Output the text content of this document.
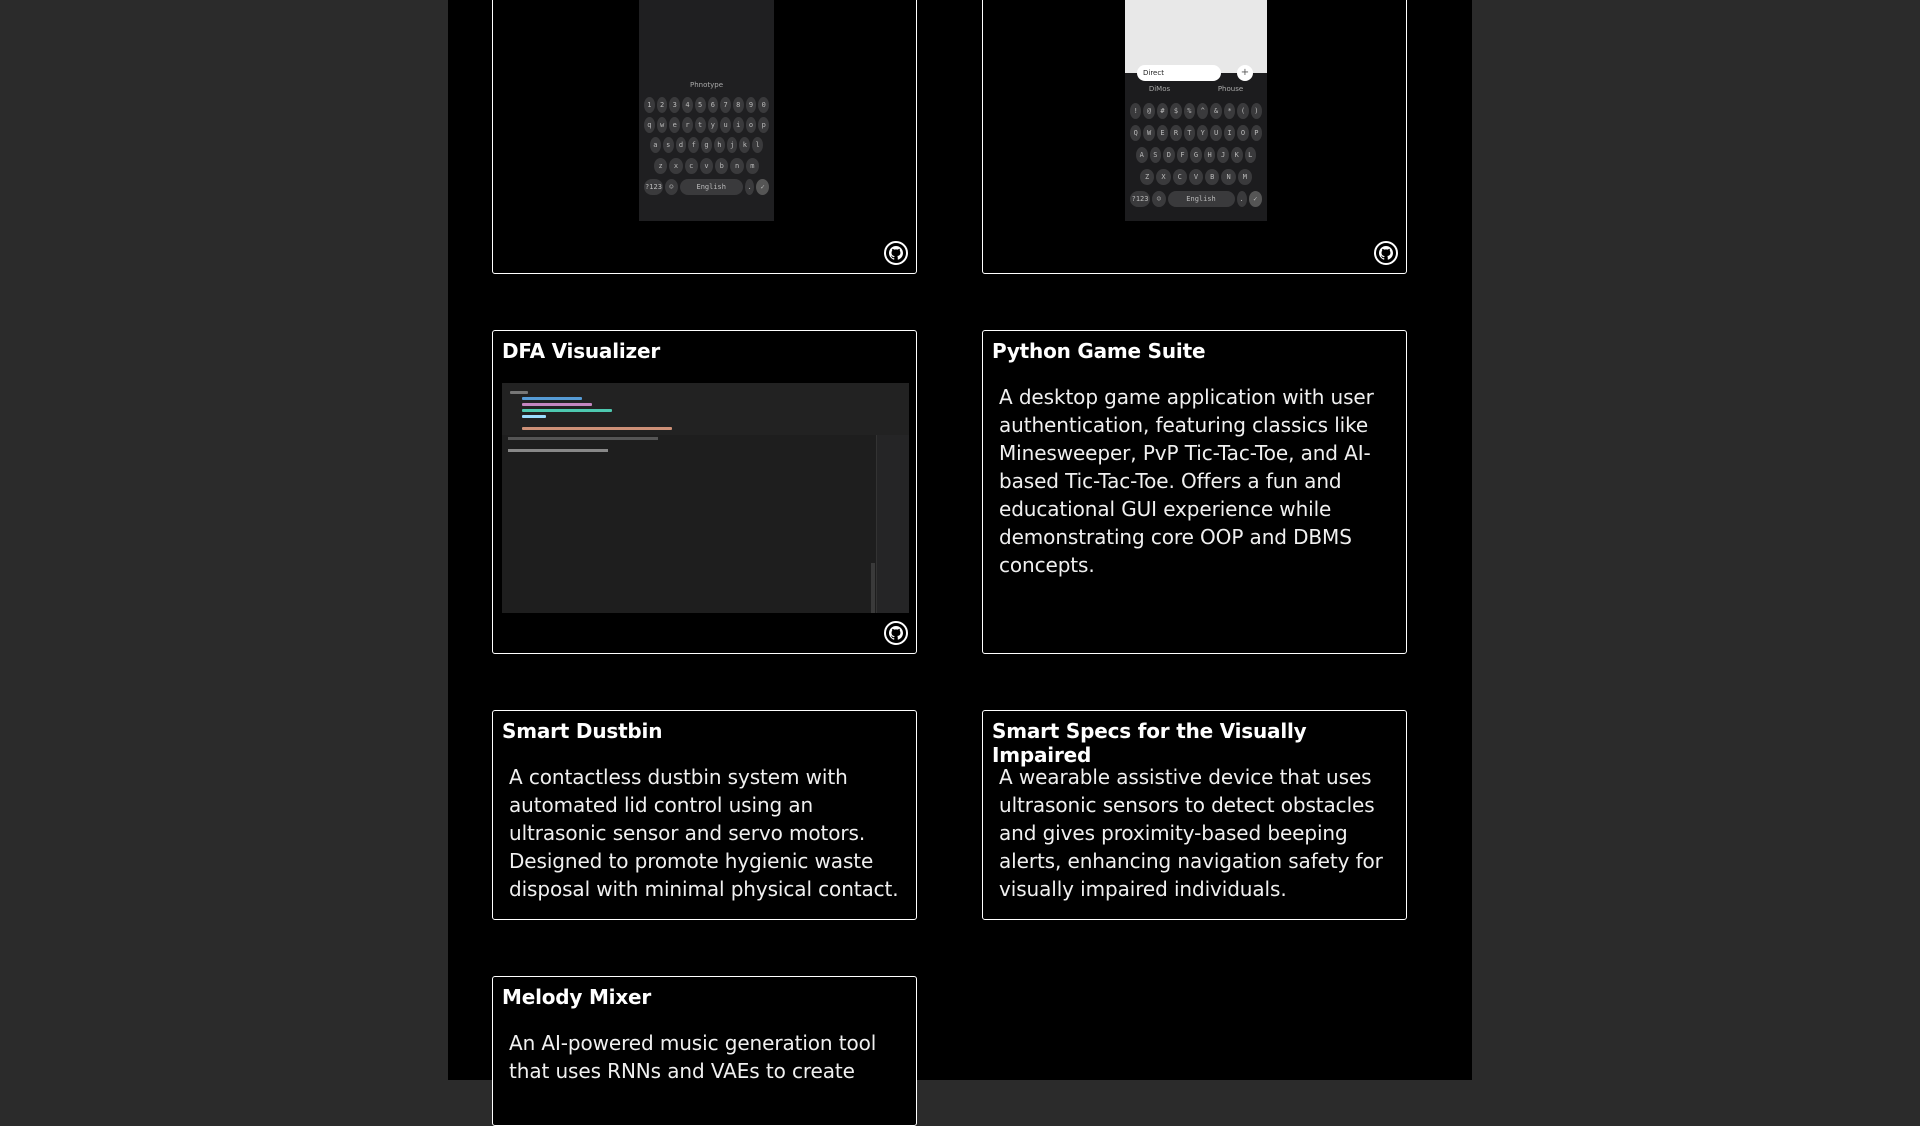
Phnotype
1	2	3	4	5	6	7	8	9	0
q	w	e	r	t	y	u	i	o	p
a	s	d	f	g	h	j	k	l
z	x	c	v	b	n	m
?123	☺	English	.	✓
Direct	+
DiMos	Phouse
!	@	#	$	%	^	&	*	(	)
Q	W	E	R	T	Y	U	I	O	P
A	S	D	F	G	H	J	K	L
Z	X	C	V	B	N	M
?123	☺	English	.	✓
DFA Visualizer	Python Game Suite
A desktop game application with user authentication, featuring classics like Minesweeper, PvP Tic-Tac-Toe, and AI-based Tic-Tac-Toe. Offers a fun and educational GUI experience while demonstrating core OOP and DBMS concepts.
Smart Dustbin
A contactless dustbin system with automated lid control using an ultrasonic sensor and servo motors. Designed to promote hygienic waste disposal with minimal physical contact.
Smart Specs for the Visually Impaired
A wearable assistive device that uses ultrasonic sensors to detect obstacles and gives proximity-based beeping alerts, enhancing navigation safety for visually impaired individuals.
Melody Mixer
An AI-powered music generation tool that uses RNNs and VAEs to create
